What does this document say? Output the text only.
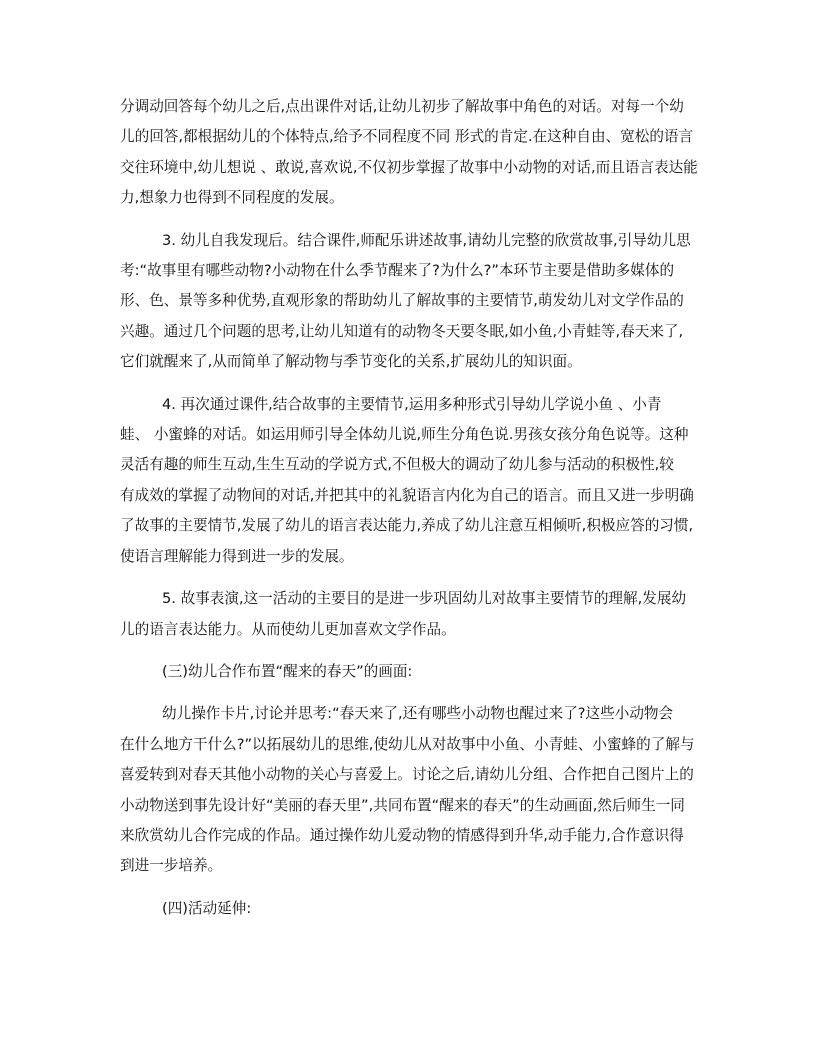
分调动回答每个幼儿之后,点出课件对话,让幼儿初步了解故事中角色的对话。对每一个幼
儿的回答,都根据幼儿的个体特点,给予不同程度不同 形式的肯定.在这种自由、宽松的语言
交往环境中,幼儿想说 、敢说,喜欢说,不仅初步掌握了故事中小动物的对话,而且语言表达能
力,想象力也得到不同程度的发展。

3. 幼儿自我发现后。结合课件,师配乐讲述故事,请幼儿完整的欣赏故事,引导幼儿思
考:“故事里有哪些动物?小动物在什么季节醒来了?为什么?”本环节主要是借助多媒体的
形、色、景等多种优势,直观形象的帮助幼儿了解故事的主要情节,萌发幼儿对文学作品的
兴趣。通过几个问题的思考,让幼儿知道有的动物冬天要冬眠,如小鱼,小青蛙等,春天来了,
它们就醒来了,从而简单了解动物与季节变化的关系,扩展幼儿的知识面。

4. 再次通过课件,结合故事的主要情节,运用多种形式引导幼儿学说小鱼 、小青
蛙、 小蜜蜂的对话。如运用师引导全体幼儿说,师生分角色说.男孩女孩分角色说等。这种
灵活有趣的师生互动,生生互动的学说方式,不但极大的调动了幼儿参与活动的积极性,较
有成效的掌握了动物间的对话,并把其中的礼貌语言内化为自己的语言。而且又进一步明确
了故事的主要情节,发展了幼儿的语言表达能力,养成了幼儿注意互相倾听,积极应答的习惯,
使语言理解能力得到进一步的发展。

5. 故事表演,这一活动的主要目的是进一步巩固幼儿对故事主要情节的理解,发展幼
儿的语言表达能力。从而使幼儿更加喜欢文学作品。

(三)幼儿合作布置“醒来的春天”的画面:

幼儿操作卡片,讨论并思考:“春天来了,还有哪些小动物也醒过来了?这些小动物会
在什么地方干什么?”以拓展幼儿的思维,使幼儿从对故事中小鱼、小青蛙、小蜜蜂的了解与
喜爱转到对春天其他小动物的关心与喜爱上。讨论之后,请幼儿分组、合作把自己图片上的
小动物送到事先设计好“美丽的春天里”,共同布置“醒来的春天”的生动画面,然后师生一同
来欣赏幼儿合作完成的作品。通过操作幼儿爱动物的情感得到升华,动手能力,合作意识得
到进一步培养。

(四)活动延伸:
